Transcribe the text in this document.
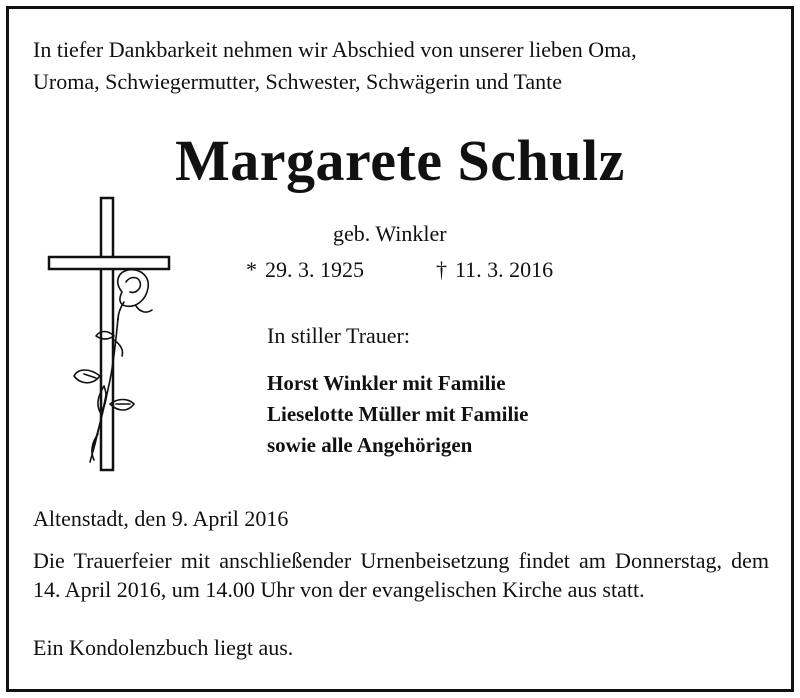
In tiefer Dankbarkeit nehmen wir Abschied von unserer lieben Oma,
Uroma, Schwiegermutter, Schwester, Schwägerin und Tante

Margarete Schulz
geb. Winkler
* 29. 3. 1925	† 11. 3. 2016
In stiller Trauer:
Horst Winkler mit Familie
Lieselotte Müller mit Familie
sowie alle Angehörigen
Altenstadt, den 9. April 2016

Die Trauerfeier mit anschließender Urnenbeisetzung findet am Donnerstag, dem 14. April 2016, um 14.00 Uhr von der evangelischen Kirche aus statt.

Ein Kondolenzbuch liegt aus.
